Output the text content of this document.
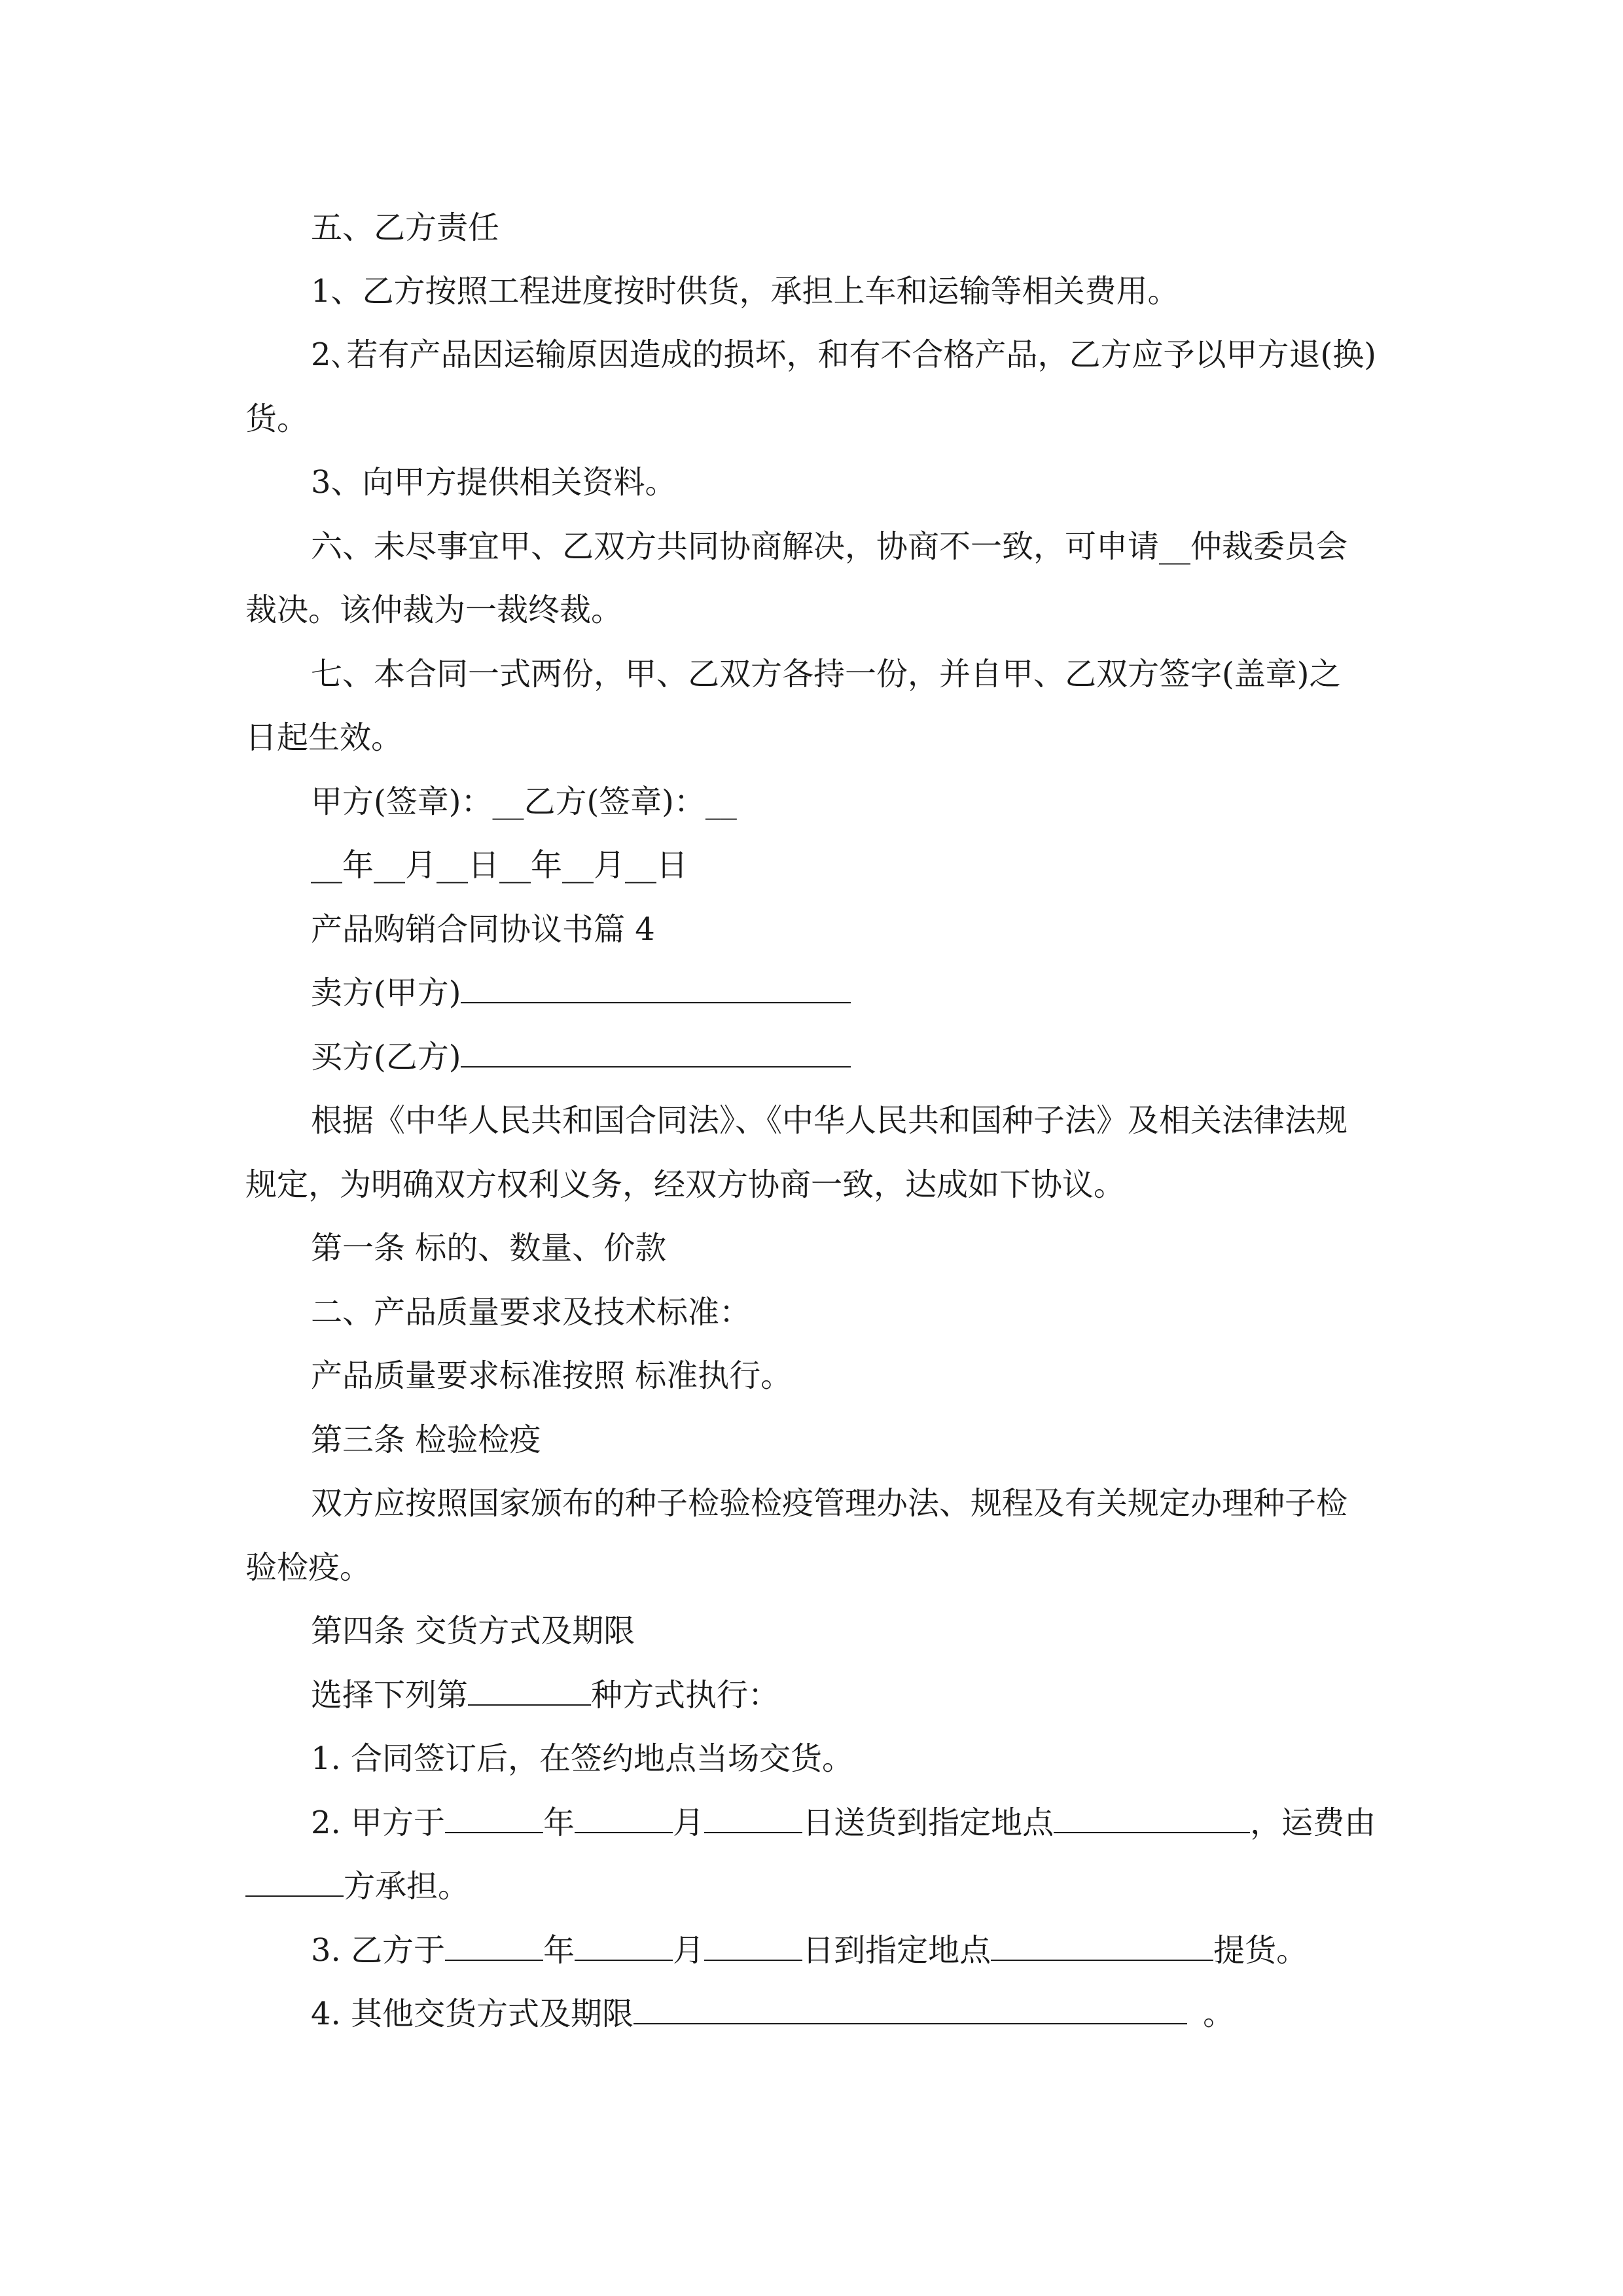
五、乙方责任
1、乙方按照工程进度按时供货，承担上车和运输等相关费用。
2､若有产品因运输原因造成的损坏，和有不合格产品，乙方应予以甲方退(换)
货。
3、向甲方提供相关资料。
六、未尽事宜甲、乙双方共同协商解决，协商不一致，可申请__仲裁委员会
裁决。该仲裁为一裁终裁。
七、本合同一式两份，甲、乙双方各持一份，并自甲、乙双方签字(盖章)之
日起生效。
甲方(签章)：__乙方(签章)：__
__年__月__日__年__月__日
产品购销合同协议书篇 4
卖方(甲方)
买方(乙方)
根据《中华人民共和国合同法》、《中华人民共和国种子法》及相关法律法规
规定，为明确双方权利义务，经双方协商一致，达成如下协议。
第一条 标的、数量、价款
二、产品质量要求及技术标准：
产品质量要求标准按照 标准执行。
第三条 检验检疫
双方应按照国家颁布的种子检验检疫管理办法、规程及有关规定办理种子检
验检疫。
第四条 交货方式及期限
选择下列第	种方式执行：
1. 合同签订后，在签约地点当场交货。
2. 甲方于	年	月	日送货到指定地点	，运费由
方承担。
3. 乙方于	年	月	日到指定地点	提货。
4. 其他交货方式及期限	。
